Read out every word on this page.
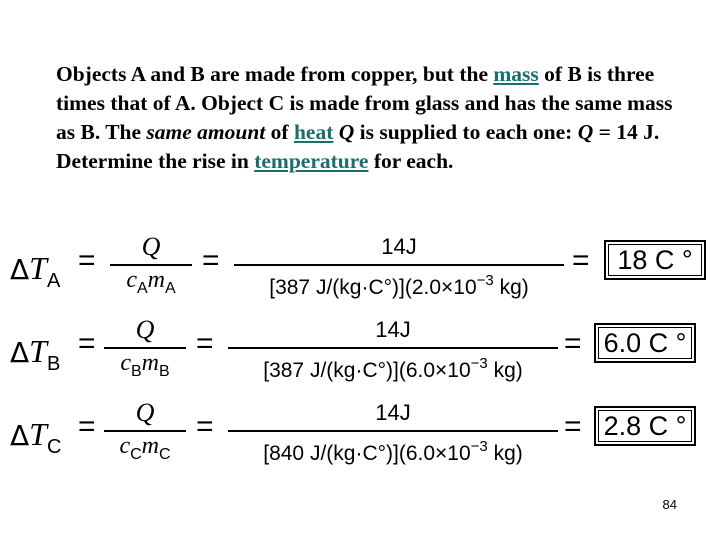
Objects A and B are made from copper, but the mass of B is three times that of A. Object C is made from glass and has the same mass as B. The same amount of heat Q is supplied to each one: Q = 14 J. Determine the rise in temperature for each.
$\Delta T_A$
=	Q
$c_Am_A$
=	14J
[387 $J/(kg\cdot C^\circ)](2.0\times 10^{-3}$ kg)
=	18 C °
$\Delta T_B$
=	Q
$c_Bm_B$
=	14J
[387 $J/(kg\cdot C^\circ)](6.0\times 10^{-3}$ kg)
= 6.0 C °
$\Delta T_C$
=	Q
$c_Cm_C$
=	14J
[840 $J/(kg\cdot C^\circ)](6.0\times 10^{-3}$ kg)
= 2.8 C °
84
